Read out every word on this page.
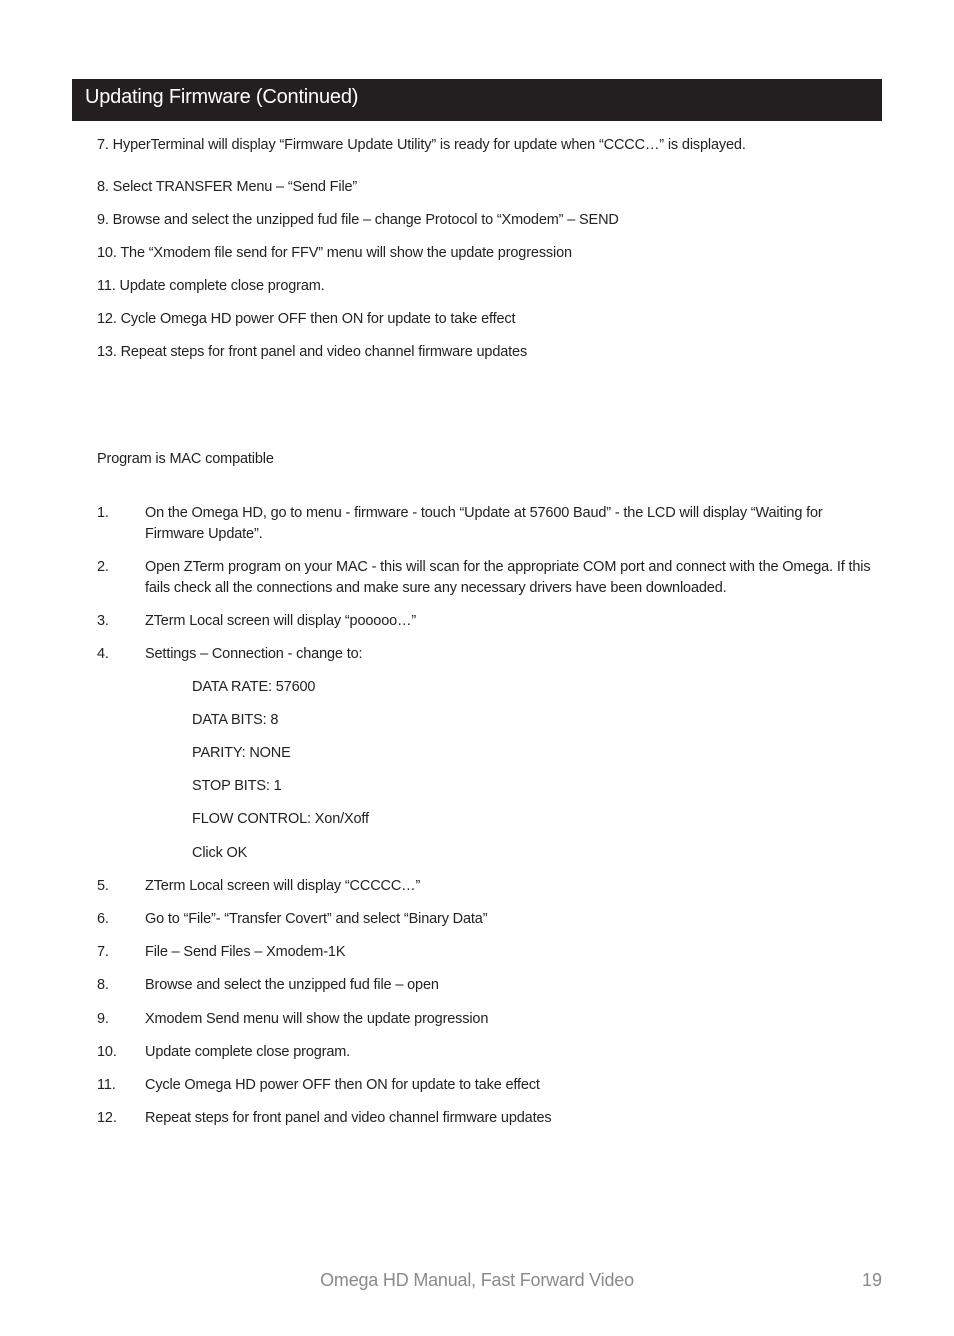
Updating Firmware (Continued)
7. HyperTerminal will display “Firmware Update Utility” is ready for update when “CCCC…” is displayed.
8. Select TRANSFER Menu – “Send File”
9. Browse and select the unzipped fud file – change Protocol to “Xmodem” – SEND
10. The “Xmodem file send for FFV” menu will show the update progression
11. Update complete close program.
12. Cycle Omega HD power OFF then ON for update to take effect
13. Repeat steps for front panel and video channel firmware updates
Program is MAC compatible
1. On the Omega HD, go to menu - firmware - touch “Update at 57600 Baud” - the LCD will display “Waiting for Firmware Update”.
2. Open ZTerm program on your MAC - this will scan for the appropriate COM port and connect with the Omega. If this fails check all the connections and make sure any necessary drivers have been downloaded.
3. ZTerm Local screen will display “pooooo…”
4. Settings – Connection - change to:
DATA RATE: 57600
DATA BITS: 8
PARITY: NONE
STOP BITS: 1
FLOW CONTROL: Xon/Xoff
Click OK
5. ZTerm Local screen will display “CCCCC…”
6. Go to “File”- “Transfer Covert” and select “Binary Data”
7. File – Send Files – Xmodem-1K
8. Browse and select the unzipped fud file – open
9. Xmodem Send menu will show the update progression
10. Update complete close program.
11. Cycle Omega HD power OFF then ON for update to take effect
12. Repeat steps for front panel and video channel firmware updates
Omega HD Manual, Fast Forward Video	19
